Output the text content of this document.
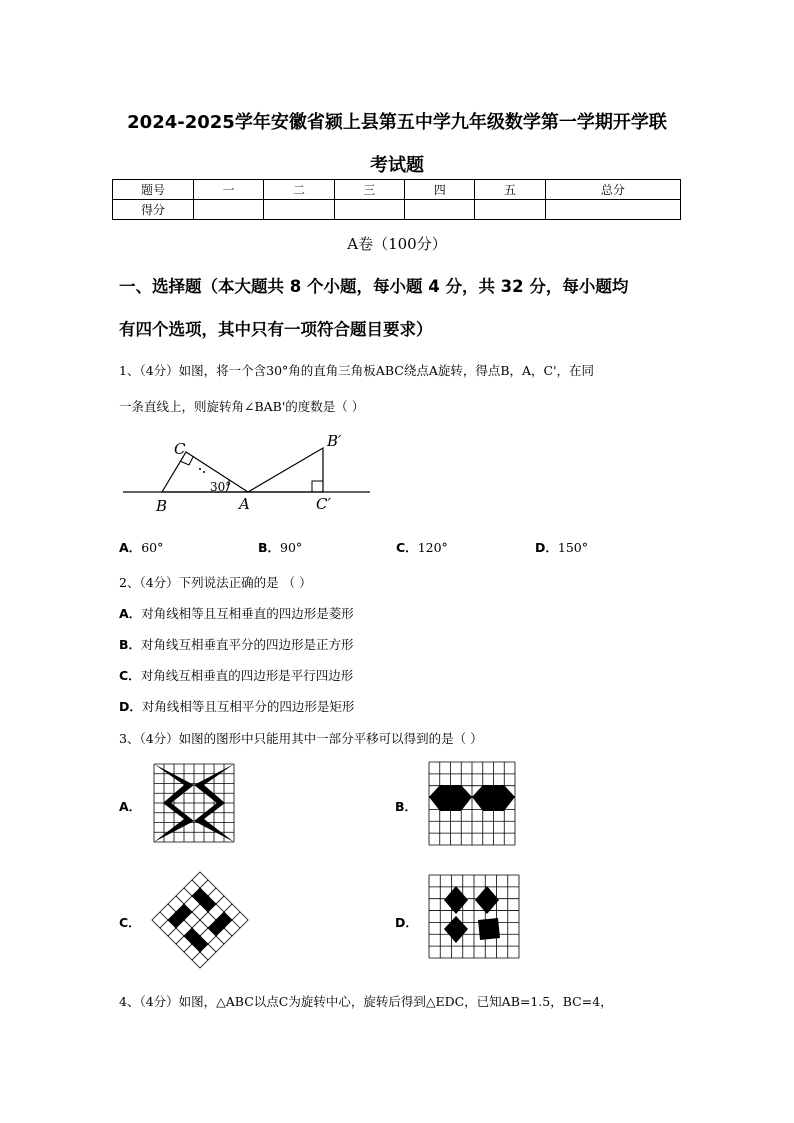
2024-2025学年安徽省颍上县第五中学九年级数学第一学期开学联
考试题
题号	一	二	三	四	五	总分
得分						
A卷（100分）
一、选择题（本大题共 8 个小题，每小题 4 分，共 32 分，每小题均
有四个选项，其中只有一项符合题目要求）
1、（4分）如图，将一个含30°角的直角三角板ABC绕点A旋转，得点B，A，C'，在同
一条直线上，则旋转角∠BAB'的度数是（ ）
C
B	A
30°
B′
C′
A．60°	B．90°	C．120°	D．150°
2、（4分）下列说法正确的是 （ ）
A．对角线相等且互相垂直的四边形是菱形
B．对角线互相垂直平分的四边形是正方形
C．对角线互相垂直的四边形是平行四边形
D．对角线相等且互相平分的四边形是矩形
3、（4分）如图的图形中只能用其中一部分平移可以得到的是（ ）
A．	B．
C．	D．
4、（4分）如图，△ABC以点C为旋转中心，旋转后得到△EDC，已知AB=1.5，BC=4，
